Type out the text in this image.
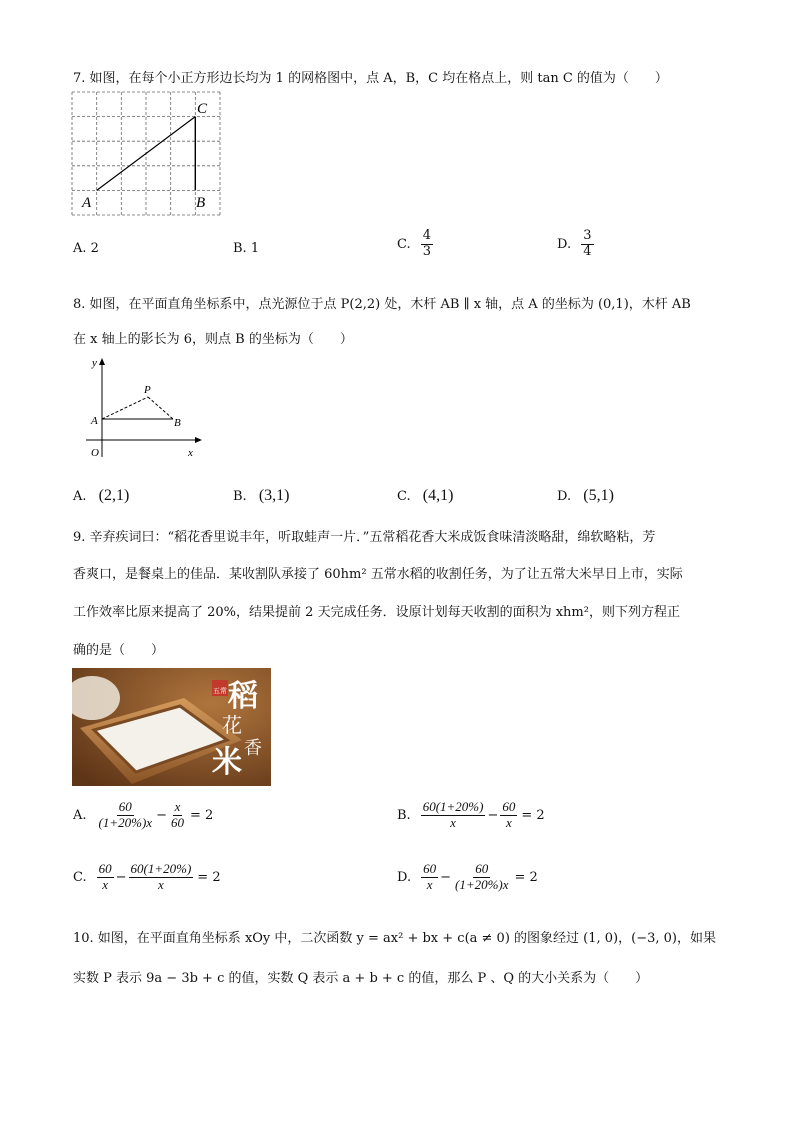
7. 如图，在每个小正方形边长均为 1 的网格图中，点 A，B，C 均在格点上，则 tan C 的值为（　　）
A	B
C
A. 2	B. 1	C. $\frac{4}{3}$	D. $\frac{3}{4}$
8. 如图，在平面直角坐标系中，点光源位于点 P(2,2) 处，木杆 AB ∥ x 轴，点 A 的坐标为 (0,1)，木杆 AB
在 x 轴上的影长为 6，则点 B 的坐标为（　　）
y
x
O
A	B
P
A. (2,1)	B. (3,1)	C. (4,1)	D. (5,1)
9. 辛弃疾词曰：“稻花香里说丰年，听取蛙声一片．”五常稻花香大米成饭食味清淡略甜，绵软略粘，芳
香爽口，是餐桌上的佳品．某收割队承接了 60hm² 五常水稻的收割任务，为了让五常大米早日上市，实际
工作效率比原来提高了 20%，结果提前 2 天完成任务．设原计划每天收割的面积为 xhm²，则下列方程正
确的是（　　）
五常 稻
花
香
米
A. $\frac{60}{(1+20\%)x} - \frac{x}{60} = 2$	B. $\frac{60(1+20\%)}{x} - \frac{60}{x} = 2$
C. $\frac{60}{x} - \frac{60(1+20\%)}{x} = 2$	D. $\frac{60}{x} - \frac{60}{(1+20\%)x} = 2$
10. 如图，在平面直角坐标系 xOy 中，二次函数 y = ax² + bx + c(a ≠ 0) 的图象经过 (1, 0)，(−3, 0)，如果
实数 P 表示 9a − 3b + c 的值，实数 Q 表示 a + b + c 的值，那么 P 、Q 的大小关系为（　　）
